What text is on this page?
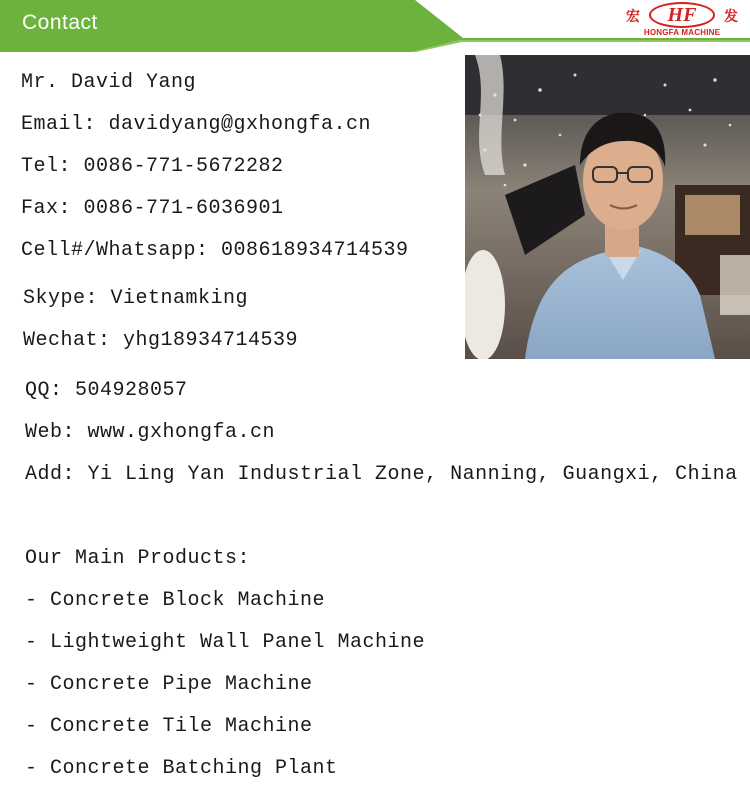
Contact	宏	HF	发
HONGFA MACHINE
Mr. David Yang
Email: davidyang@gxhongfa.cn
Tel: 0086-771-5672282
Fax: 0086-771-6036901
Cell#/Whatsapp: 008618934714539
Skype: Vietnamking
Wechat: yhg18934714539
QQ: 504928057
Web: www.gxhongfa.cn
Add: Yi Ling Yan Industrial Zone, Nanning, Guangxi, China
Our Main Products:
- Concrete Block Machine
- Lightweight Wall Panel Machine
- Concrete Pipe Machine
- Concrete Tile Machine
- Concrete Batching Plant
